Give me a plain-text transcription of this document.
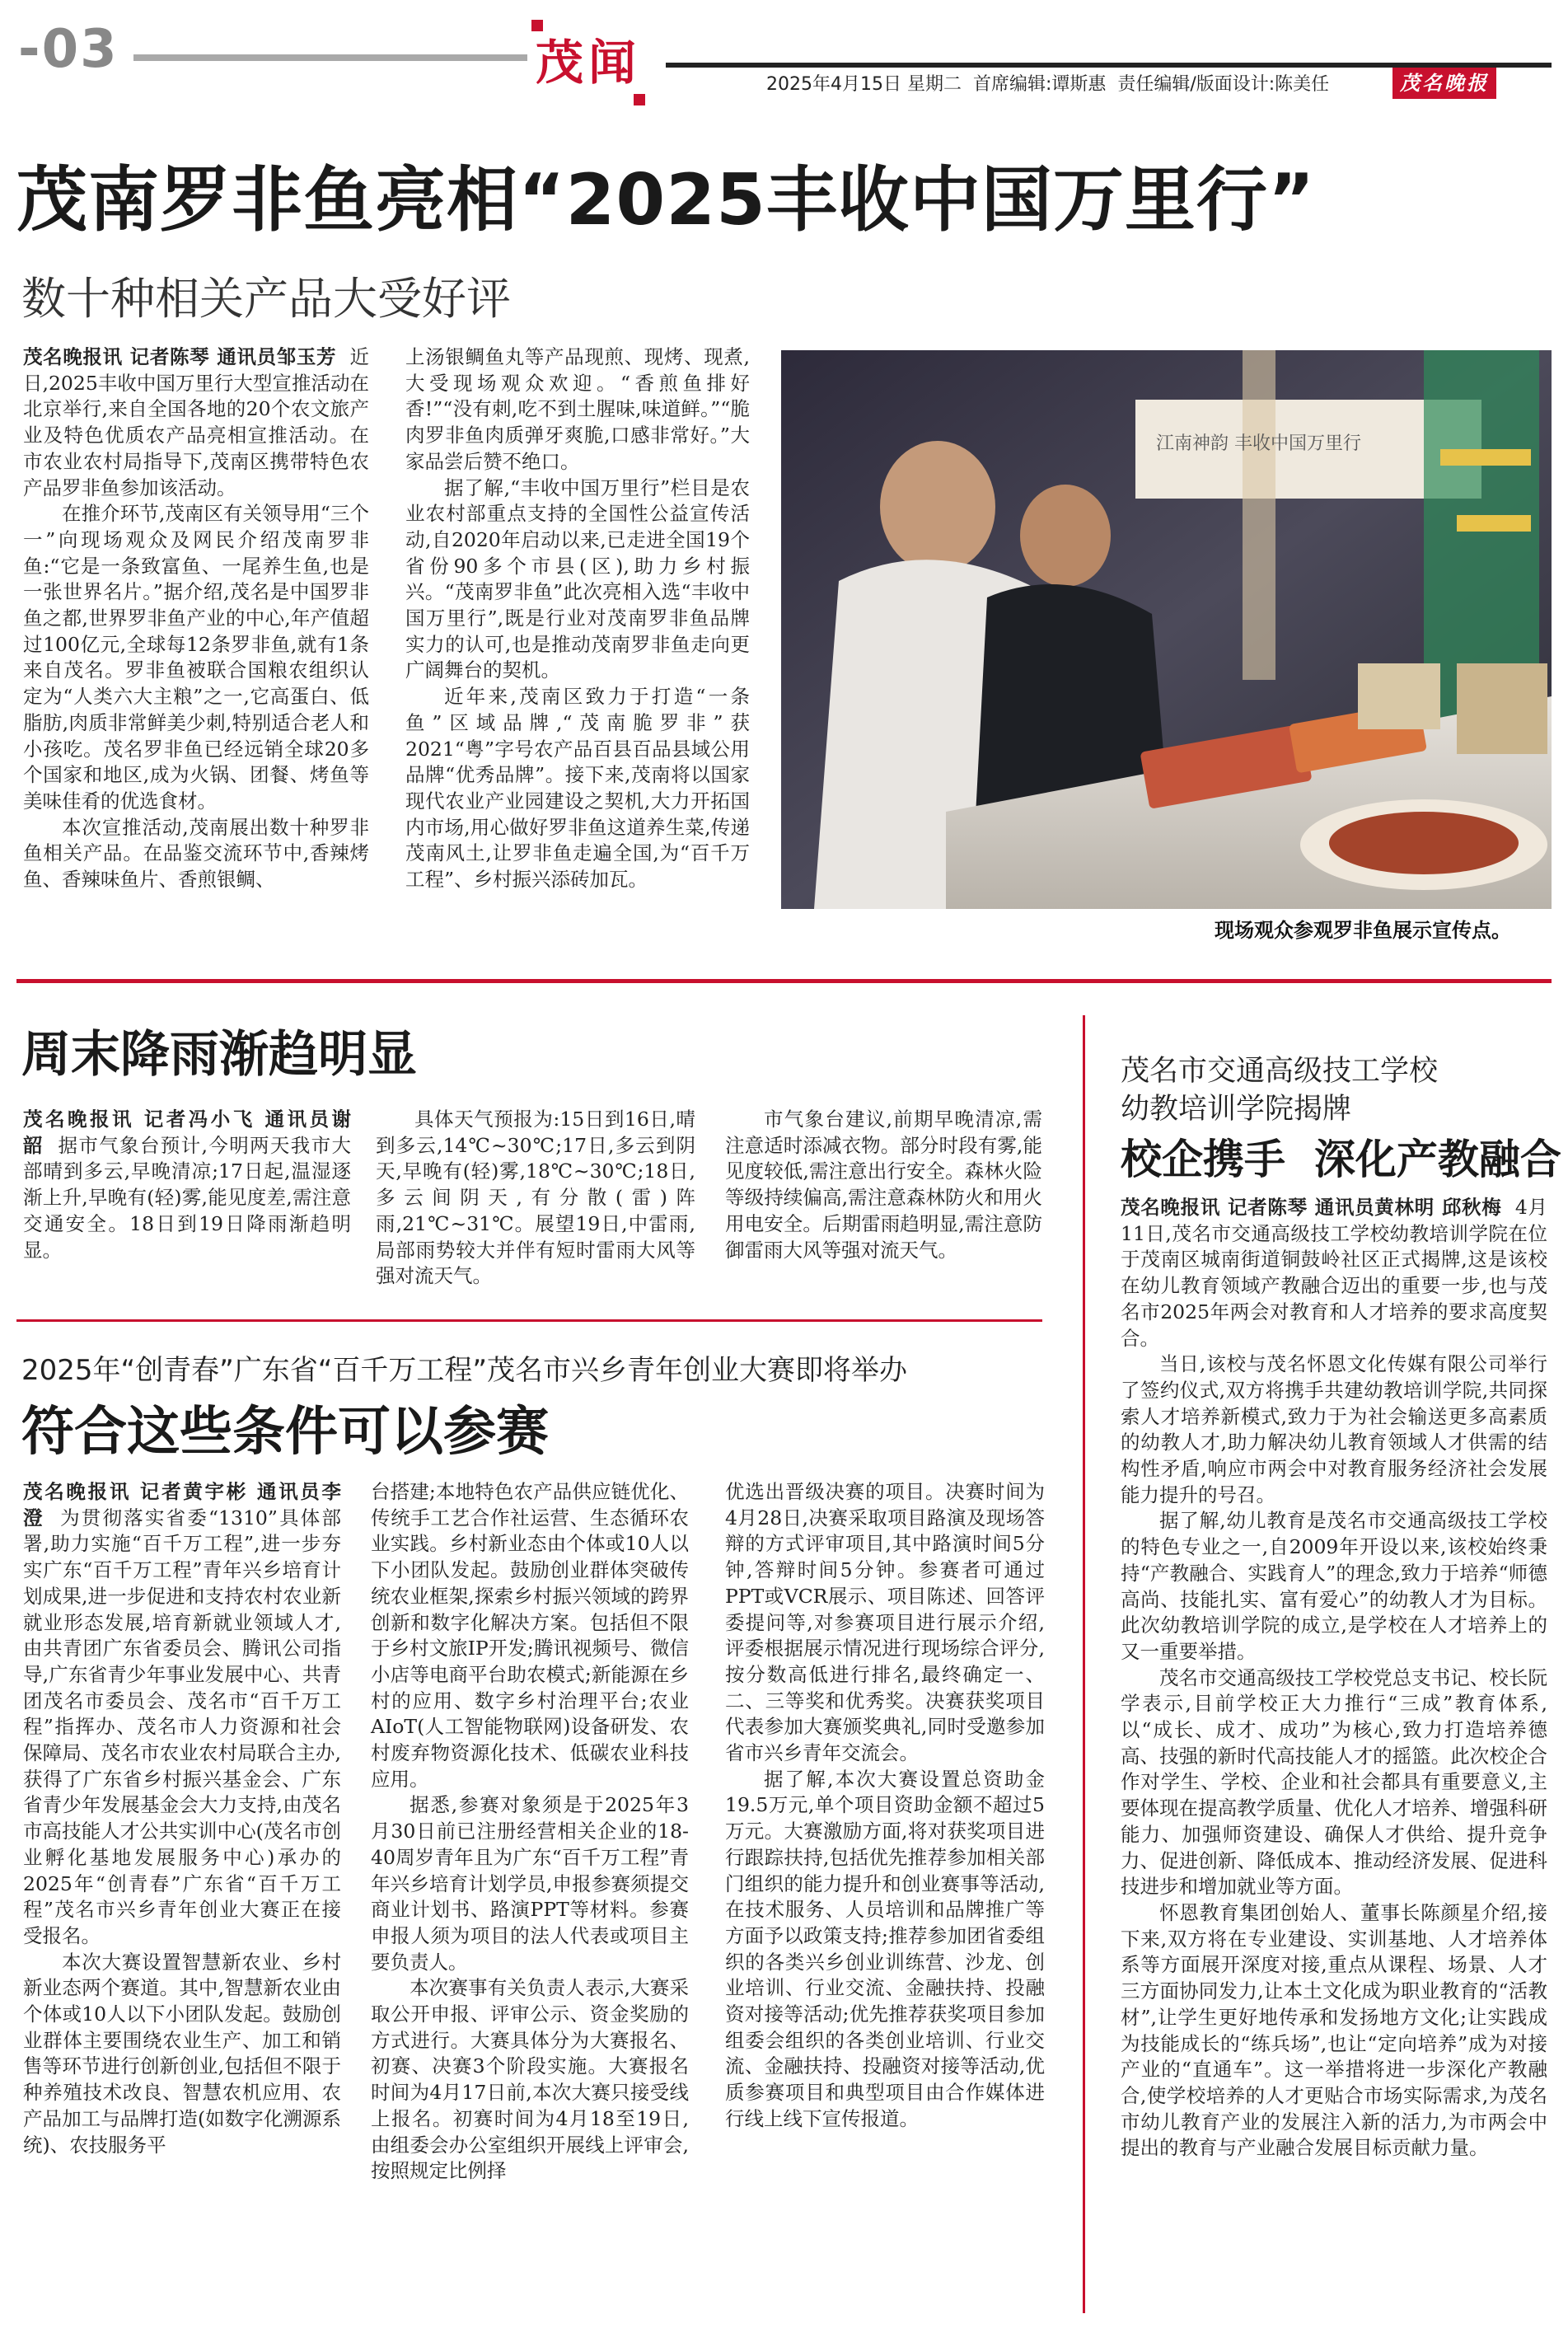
-03	茂闻	2025年4月15日 星期二  首席编辑:谭斯惠  责任编辑/版面设计:陈美任	茂名晚报
茂南罗非鱼亮相“2025丰收中国万里行”
数十种相关产品大受好评

茂名晚报讯 记者陈琴 通讯员邹玉芳 近日,2025丰收中国万里行大型宣推活动在北京举行,来自全国各地的20个农文旅产业及特色优质农产品亮相宣推活动。在市农业农村局指导下,茂南区携带特色农产品罗非鱼参加该活动。

在推介环节,茂南区有关领导用“三个一”向现场观众及网民介绍茂南罗非鱼:“它是一条致富鱼、一尾养生鱼,也是一张世界名片。”据介绍,茂名是中国罗非鱼之都,世界罗非鱼产业的中心,年产值超过100亿元,全球每12条罗非鱼,就有1条来自茂名。罗非鱼被联合国粮农组织认定为“人类六大主粮”之一,它高蛋白、低脂肪,肉质非常鲜美少刺,特别适合老人和小孩吃。茂名罗非鱼已经远销全球20多个国家和地区,成为火锅、团餐、烤鱼等美味佳肴的优选食材。

本次宣推活动,茂南展出数十种罗非鱼相关产品。在品鉴交流环节中,香辣烤鱼、香辣味鱼片、香煎银鲷、

上汤银鲷鱼丸等产品现煎、现烤、现煮,大受现场观众欢迎。“香煎鱼排好香!”“没有刺,吃不到土腥味,味道鲜。”“脆肉罗非鱼肉质弹牙爽脆,口感非常好。”大家品尝后赞不绝口。

据了解,“丰收中国万里行”栏目是农业农村部重点支持的全国性公益宣传活动,自2020年启动以来,已走进全国19个省份90多个市县(区),助力乡村振兴。“茂南罗非鱼”此次亮相入选“丰收中国万里行”,既是行业对茂南罗非鱼品牌实力的认可,也是推动茂南罗非鱼走向更广阔舞台的契机。

近年来,茂南区致力于打造“一条鱼”区域品牌,“茂南脆罗非”获2021“粤”字号农产品百县百品县域公用品牌“优秀品牌”。接下来,茂南将以国家现代农业产业园建设之契机,大力开拓国内市场,用心做好罗非鱼这道养生菜,传递茂南风土,让罗非鱼走遍全国,为“百千万工程”、乡村振兴添砖加瓦。

江南神韵 丰收中国万里行
现场观众参观罗非鱼展示宣传点。
周末降雨渐趋明显

茂名晚报讯 记者冯小飞 通讯员谢韶 据市气象台预计,今明两天我市大部晴到多云,早晚清凉;17日起,温湿逐渐上升,早晚有(轻)雾,能见度差,需注意交通安全。18日到19日降雨渐趋明显。

具体天气预报为:15日到16日,晴到多云,14℃~30℃;17日,多云到阴天,早晚有(轻)雾,18℃~30℃;18日,多云间阴天,有分散(雷)阵雨,21℃~31℃。展望19日,中雷雨,局部雨势较大并伴有短时雷雨大风等强对流天气。

市气象台建议,前期早晚清凉,需注意适时添减衣物。部分时段有雾,能见度较低,需注意出行安全。森林火险等级持续偏高,需注意森林防火和用火用电安全。后期雷雨趋明显,需注意防御雷雨大风等强对流天气。

2025年“创青春”广东省“百千万工程”茂名市兴乡青年创业大赛即将举办
符合这些条件可以参赛

茂名晚报讯 记者黄宇彬 通讯员李澄 为贯彻落实省委“1310”具体部署,助力实施“百千万工程”,进一步夯实广东“百千万工程”青年兴乡培育计划成果,进一步促进和支持农村农业新就业形态发展,培育新就业领域人才,由共青团广东省委员会、腾讯公司指导,广东省青少年事业发展中心、共青团茂名市委员会、茂名市“百千万工程”指挥办、茂名市人力资源和社会保障局、茂名市农业农村局联合主办,获得了广东省乡村振兴基金会、广东省青少年发展基金会大力支持,由茂名市高技能人才公共实训中心(茂名市创业孵化基地发展服务中心)承办的2025年“创青春”广东省“百千万工程”茂名市兴乡青年创业大赛正在接受报名。

本次大赛设置智慧新农业、乡村新业态两个赛道。其中,智慧新农业由个体或10人以下小团队发起。鼓励创业群体主要围绕农业生产、加工和销售等环节进行创新创业,包括但不限于种养殖技术改良、智慧农机应用、农产品加工与品牌打造(如数字化溯源系统)、农技服务平

台搭建;本地特色农产品供应链优化、传统手工艺合作社运营、生态循环农业实践。乡村新业态由个体或10人以下小团队发起。鼓励创业群体突破传统农业框架,探索乡村振兴领域的跨界创新和数字化解决方案。包括但不限于乡村文旅IP开发;腾讯视频号、微信小店等电商平台助农模式;新能源在乡村的应用、数字乡村治理平台;农业AIoT(人工智能物联网)设备研发、农村废弃物资源化技术、低碳农业科技应用。

据悉,参赛对象须是于2025年3月30日前已注册经营相关企业的18-40周岁青年且为广东“百千万工程”青年兴乡培育计划学员,申报参赛须提交商业计划书、路演PPT等材料。参赛申报人须为项目的法人代表或项目主要负责人。

本次赛事有关负责人表示,大赛采取公开申报、评审公示、资金奖励的方式进行。大赛具体分为大赛报名、初赛、决赛3个阶段实施。大赛报名时间为4月17日前,本次大赛只接受线上报名。初赛时间为4月18至19日,由组委会办公室组织开展线上评审会,按照规定比例择

优选出晋级决赛的项目。决赛时间为4月28日,决赛采取项目路演及现场答辩的方式评审项目,其中路演时间5分钟,答辩时间5分钟。参赛者可通过PPT或VCR展示、项目陈述、回答评委提问等,对参赛项目进行展示介绍,评委根据展示情况进行现场综合评分,按分数高低进行排名,最终确定一、二、三等奖和优秀奖。决赛获奖项目代表参加大赛颁奖典礼,同时受邀参加省市兴乡青年交流会。

据了解,本次大赛设置总资助金19.5万元,单个项目资助金额不超过5万元。大赛激励方面,将对获奖项目进行跟踪扶持,包括优先推荐参加相关部门组织的能力提升和创业赛事等活动,在技术服务、人员培训和品牌推广等方面予以政策支持;推荐参加团省委组织的各类兴乡创业训练营、沙龙、创业培训、行业交流、金融扶持、投融资对接等活动;优先推荐获奖项目参加组委会组织的各类创业培训、行业交流、金融扶持、投融资对接等活动,优质参赛项目和典型项目由合作媒体进行线上线下宣传报道。

茂名市交通高级技工学校
幼教培训学院揭牌
校企携手  深化产教融合

茂名晚报讯 记者陈琴 通讯员黄林明 邱秋梅 4月11日,茂名市交通高级技工学校幼教培训学院在位于茂南区城南街道铜鼓岭社区正式揭牌,这是该校在幼儿教育领域产教融合迈出的重要一步,也与茂名市2025年两会对教育和人才培养的要求高度契合。

当日,该校与茂名怀恩文化传媒有限公司举行了签约仪式,双方将携手共建幼教培训学院,共同探索人才培养新模式,致力于为社会输送更多高素质的幼教人才,助力解决幼儿教育领域人才供需的结构性矛盾,响应市两会中对教育服务经济社会发展能力提升的号召。

据了解,幼儿教育是茂名市交通高级技工学校的特色专业之一,自2009年开设以来,该校始终秉持“产教融合、实践育人”的理念,致力于培养“师德高尚、技能扎实、富有爱心”的幼教人才为目标。此次幼教培训学院的成立,是学校在人才培养上的又一重要举措。

茂名市交通高级技工学校党总支书记、校长阮学表示,目前学校正大力推行“三成”教育体系,以“成长、成才、成功”为核心,致力打造培养德高、技强的新时代高技能人才的摇篮。此次校企合作对学生、学校、企业和社会都具有重要意义,主要体现在提高教学质量、优化人才培养、增强科研能力、加强师资建设、确保人才供给、提升竞争力、促进创新、降低成本、推动经济发展、促进科技进步和增加就业等方面。

怀恩教育集团创始人、董事长陈颜星介绍,接下来,双方将在专业建设、实训基地、人才培养体系等方面展开深度对接,重点从课程、场景、人才三方面协同发力,让本土文化成为职业教育的“活教材”,让学生更好地传承和发扬地方文化;让实践成为技能成长的“练兵场”,也让“定向培养”成为对接产业的“直通车”。这一举措将进一步深化产教融合,使学校培养的人才更贴合市场实际需求,为茂名市幼儿教育产业的发展注入新的活力,为市两会中提出的教育与产业融合发展目标贡献力量。
